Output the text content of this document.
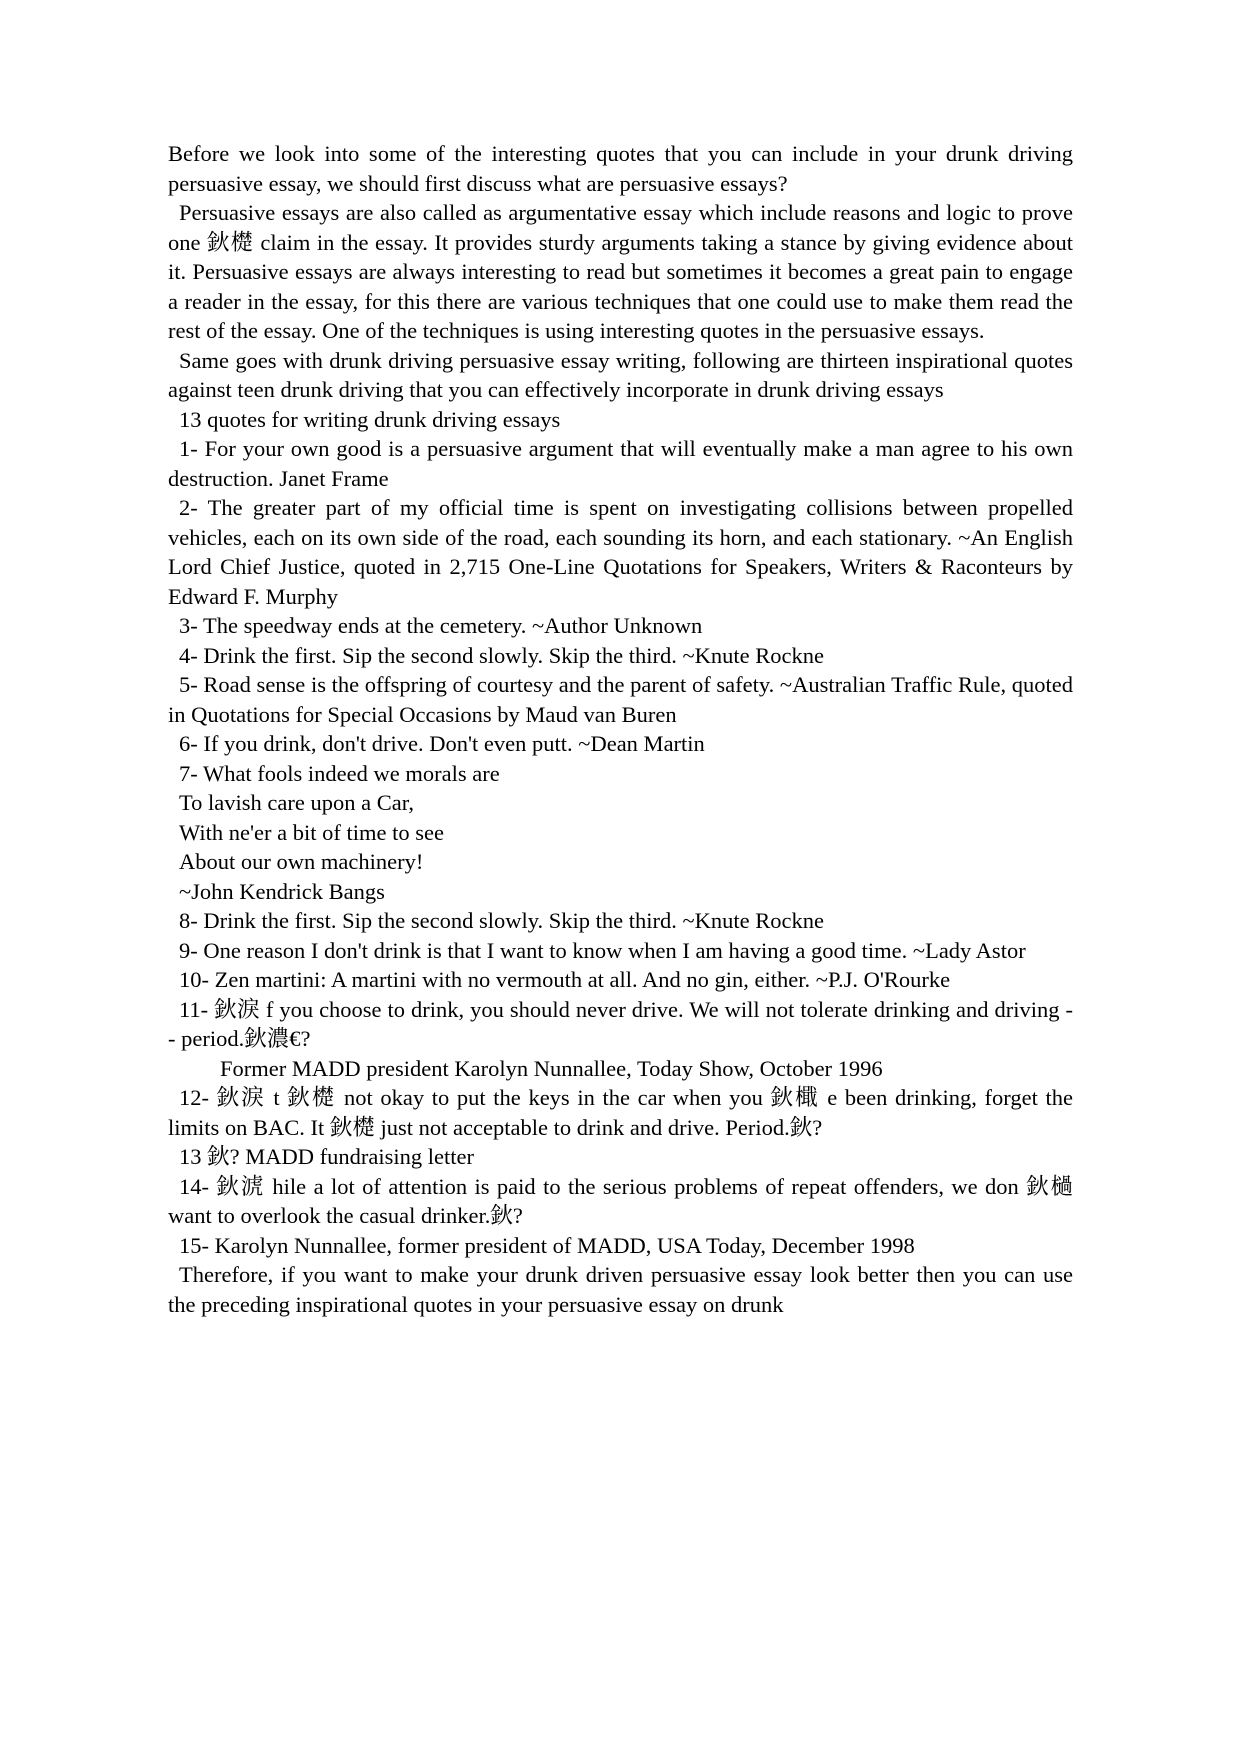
Before we look into some of the interesting quotes that you can include in your drunk driving persuasive essay, we should first discuss what are persuasive essays?

Persuasive essays are also called as argumentative essay which include reasons and logic to prove one 鈥檚 claim in the essay. It provides sturdy arguments taking a stance by giving evidence about it. Persuasive essays are always interesting to read but sometimes it becomes a great pain to engage a reader in the essay, for this there are various techniques that one could use to make them read the rest of the essay. One of the techniques is using interesting quotes in the persuasive essays.

Same goes with drunk driving persuasive essay writing, following are thirteen inspirational quotes against teen drunk driving that you can effectively incorporate in drunk driving essays

13 quotes for writing drunk driving essays

1- For your own good is a persuasive argument that will eventually make a man agree to his own destruction. Janet Frame

2- The greater part of my official time is spent on investigating collisions between propelled vehicles, each on its own side of the road, each sounding its horn, and each stationary. ~An English Lord Chief Justice, quoted in 2,715 One-Line Quotations for Speakers, Writers & Raconteurs by Edward F. Murphy

3- The speedway ends at the cemetery. ~Author Unknown

4- Drink the first. Sip the second slowly. Skip the third. ~Knute Rockne

5- Road sense is the offspring of courtesy and the parent of safety. ~Australian Traffic Rule, quoted in Quotations for Special Occasions by Maud van Buren

6- If you drink, don't drive. Don't even putt. ~Dean Martin

7- What fools indeed we morals are

To lavish care upon a Car,

With ne'er a bit of time to see

About our own machinery!

~John Kendrick Bangs

8- Drink the first. Sip the second slowly. Skip the third. ~Knute Rockne

9- One reason I don't drink is that I want to know when I am having a good time. ~Lady Astor

10- Zen martini: A martini with no vermouth at all. And no gin, either. ~P.J. O'Rourke

11- 鈥淚 f you choose to drink, you should never drive. We will not tolerate drinking and driving -- period.鈥濃€?

Former MADD president Karolyn Nunnallee, Today Show, October 1996

12- 鈥淚 t 鈥檚 not okay to put the keys in the car when you 鈥檝 e been drinking, forget the limits on BAC. It 鈥檚 just not acceptable to drink and drive. Period.鈥?

13 鈥? MADD fundraising letter

14- 鈥淲 hile a lot of attention is paid to the serious problems of repeat offenders, we don 鈥檛 want to overlook the casual drinker.鈥?

15- Karolyn Nunnallee, former president of MADD, USA Today, December 1998

Therefore, if you want to make your drunk driven persuasive essay look better then you can use the preceding inspirational quotes in your persuasive essay on drunk
